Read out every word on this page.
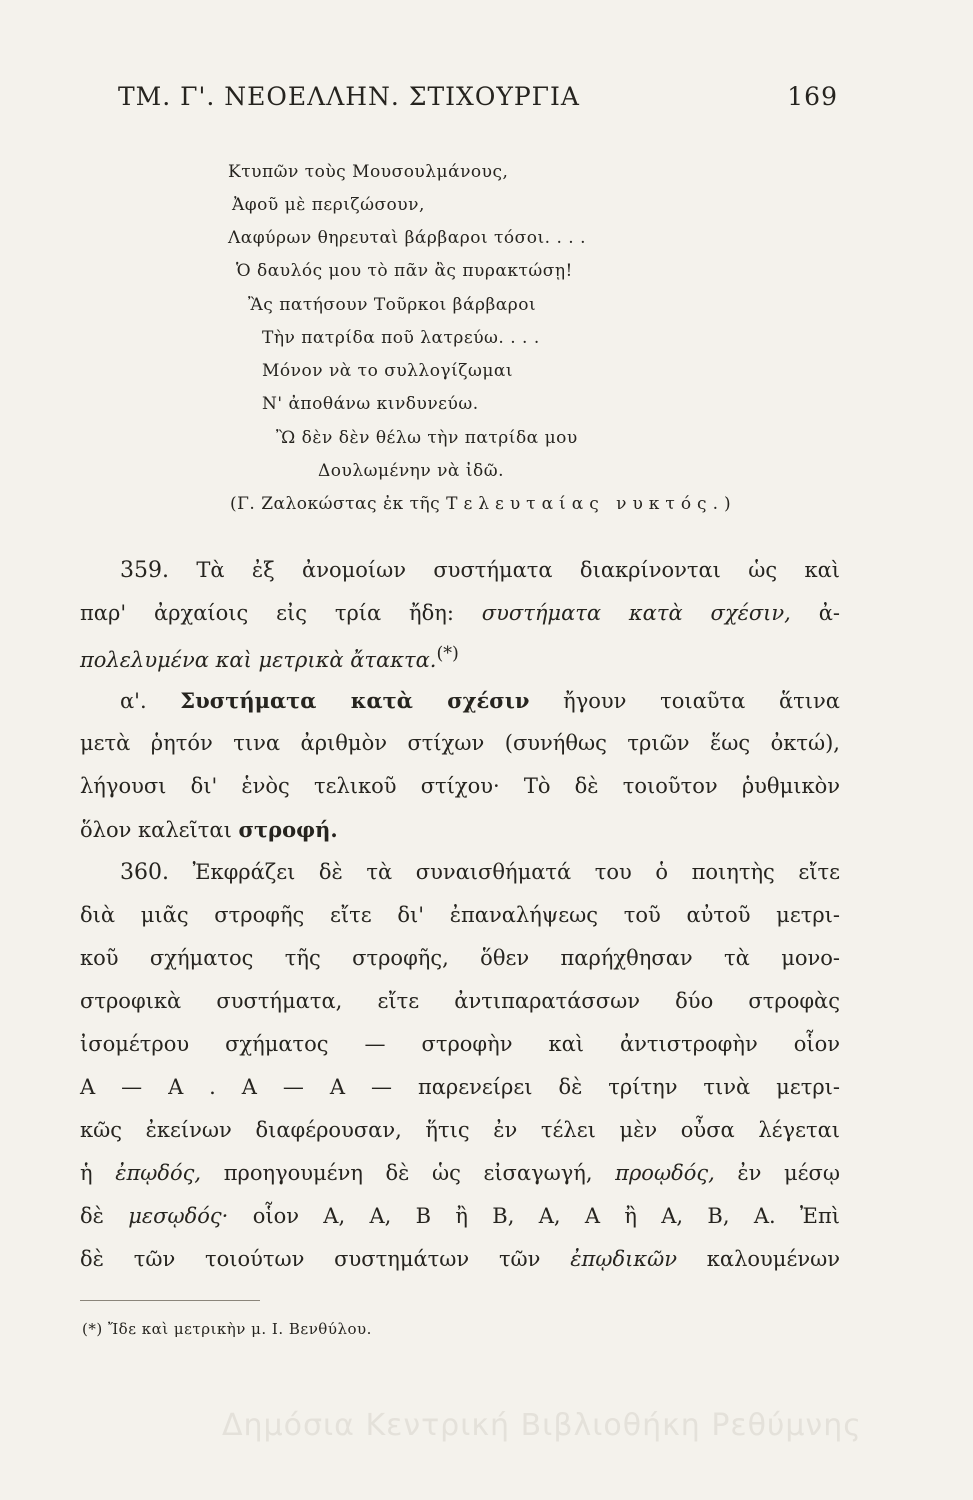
ΤΜ. Γ'. ΝΕΟΕΛΛΗΝ. ΣΤΙΧΟΥΡΓΙΑ	169
Κτυπῶν τοὺς Μουσουλμάνους,
Ἀφοῦ μὲ περιζώσουν,
Λαφύρων θηρευταὶ βάρβαροι τόσοι. . . .
Ὁ δαυλός μου τὸ πᾶν ἂς πυρακτώσῃ!
Ἂς πατήσουν Τοῦρκοι βάρβαροι
Τὴν πατρίδα ποῦ λατρεύω. . . .
Μόνον νὰ το συλλογίζωμαι
Ν' ἀποθάνω κινδυνεύω.
Ὢ δὲν δὲν θέλω τὴν πατρίδα μου
Δουλωμένην νὰ ἰδῶ.
(Γ. Ζαλοκώστας ἐκ τῆς Τελευταίας νυκτός.)
359. Τὰ ἐξ ἀνομοίων συστήματα διακρίνονται ὡς καὶ
παρ' ἀρχαίοις εἰς τρία ἤδη: συστήματα κατὰ σχέσιν, ἀ-
πολελυμένα καὶ μετρικὰ ἄτακτα.(*)
α'. Συστήματα κατὰ σχέσιν ἤγουν τοιαῦτα ἅτινα
μετὰ ῥητόν τινα ἀριθμὸν στίχων (συνήθως τριῶν ἕως ὀκτώ),
λήγουσι δι' ἑνὸς τελικοῦ στίχου· Τὸ δὲ τοιοῦτον ῥυθμικὸν
ὅλον καλεῖται στροφή.
360. Ἐκφράζει δὲ τὰ συναισθήματά του ὁ ποιητὴς εἴτε
διὰ μιᾶς στροφῆς εἴτε δι' ἐπαναλήψεως τοῦ αὐτοῦ μετρι-
κοῦ σχήματος τῆς στροφῆς, ὅθεν παρήχθησαν τὰ μονο-
στροφικὰ συστήματα, εἴτε ἀντιπαρατάσσων δύο στροφὰς
ἰσομέτρου σχήματος — στροφὴν καὶ ἀντιστροφὴν οἷον
Α — Α . Α — Α — παρενείρει δὲ τρίτην τινὰ μετρι-
κῶς ἐκείνων διαφέρουσαν, ἥτις ἐν τέλει μὲν οὖσα λέγεται
ἡ ἐπῳδός, προηγουμένη δὲ ὡς εἰσαγωγή, προῳδός, ἐν μέσῳ
δὲ μεσῳδός· οἷον Α, Α, Β ἢ Β, Α, Α ἢ Α, Β, Α. Ἐπὶ
δὲ τῶν τοιούτων συστημάτων τῶν ἐπῳδικῶν καλουμένων
(*) Ἴδε καὶ μετρικὴν μ. Ι. Βενθύλου.
Δημόσια Κεντρική Βιβλιοθήκη Ρεθύμνης
